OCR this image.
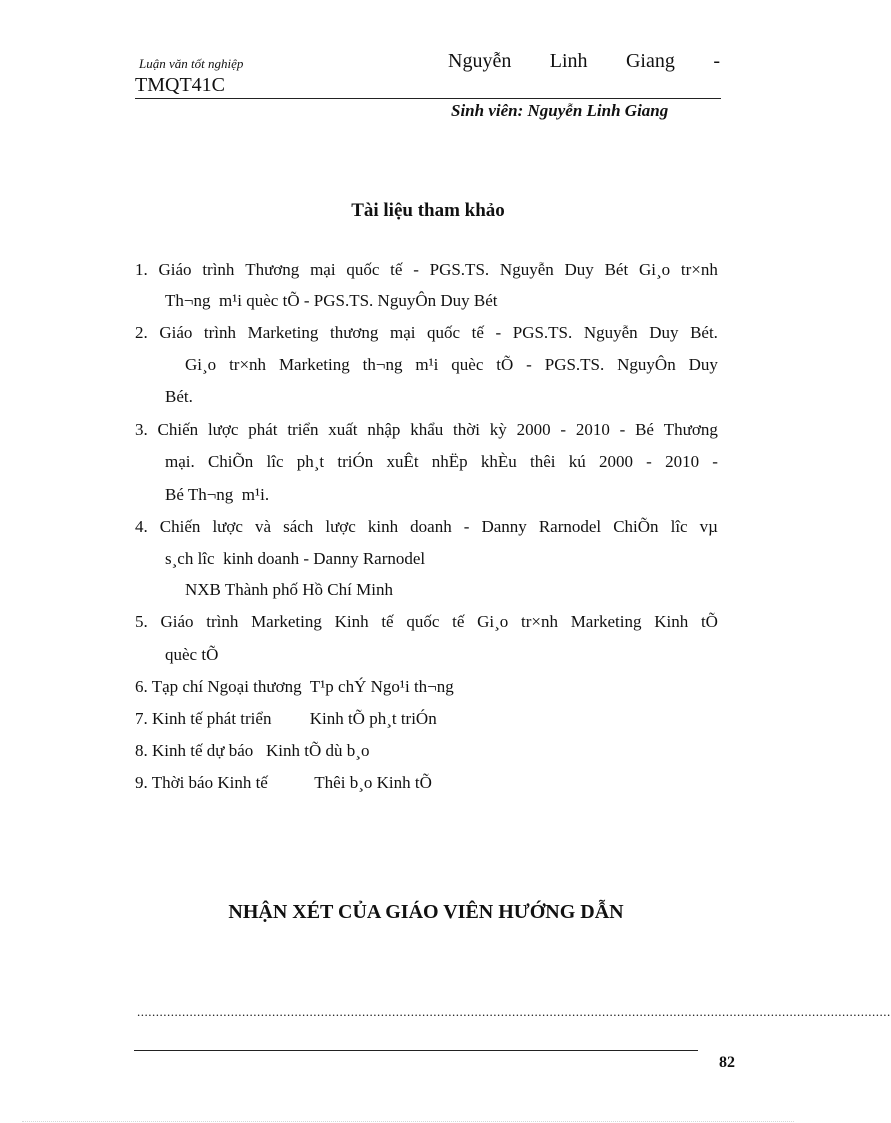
Luận văn tốt nghiệp	Nguyễn Linh Giang -
TMQT41C
Sinh viên: Nguyễn Linh Giang
Tài liệu tham khảo
1. Giáo trình Thương mại quốc tế - PGS.TS. Nguyễn Duy Bét Gi¸o tr×nh
Th¬ng  m¹i quèc tÕ - PGS.TS. NguyÔn Duy Bét
2. Giáo trình Marketing thương mại quốc tế - PGS.TS. Nguyễn Duy Bét.
Gi¸o tr×nh Marketing th¬ng m¹i quèc tÕ - PGS.TS. NguyÔn Duy
Bét.
3. Chiến lược phát triển xuất nhập khẩu thời kỳ 2000 - 2010 - Bé Thương
mại. ChiÕn lîc ph¸t triÓn xuÊt nhËp khÈu thêi kú 2000 - 2010 -
Bé Th¬ng  m¹i.
4. Chiến lược và sách lược kinh doanh - Danny Rarnodel ChiÕn lîc vµ
s¸ch lîc  kinh doanh - Danny Rarnodel
NXB Thành phố Hồ Chí Minh
5. Giáo trình Marketing Kinh tế quốc tế Gi¸o tr×nh Marketing Kinh tÕ
quèc tÕ
6. Tạp chí Ngoại thương  T¹p chÝ Ngo¹i th¬ng
7. Kinh tế phát triển         Kinh tÕ ph¸t triÓn
8. Kinh tế dự báo   Kinh tÕ dù b¸o
9. Thời báo Kinh tế           Thêi b¸o Kinh tÕ
NHẬN XÉT CỦA GIÁO VIÊN HƯỚNG DẪN
.........................................................................................................................................................................................................
82
